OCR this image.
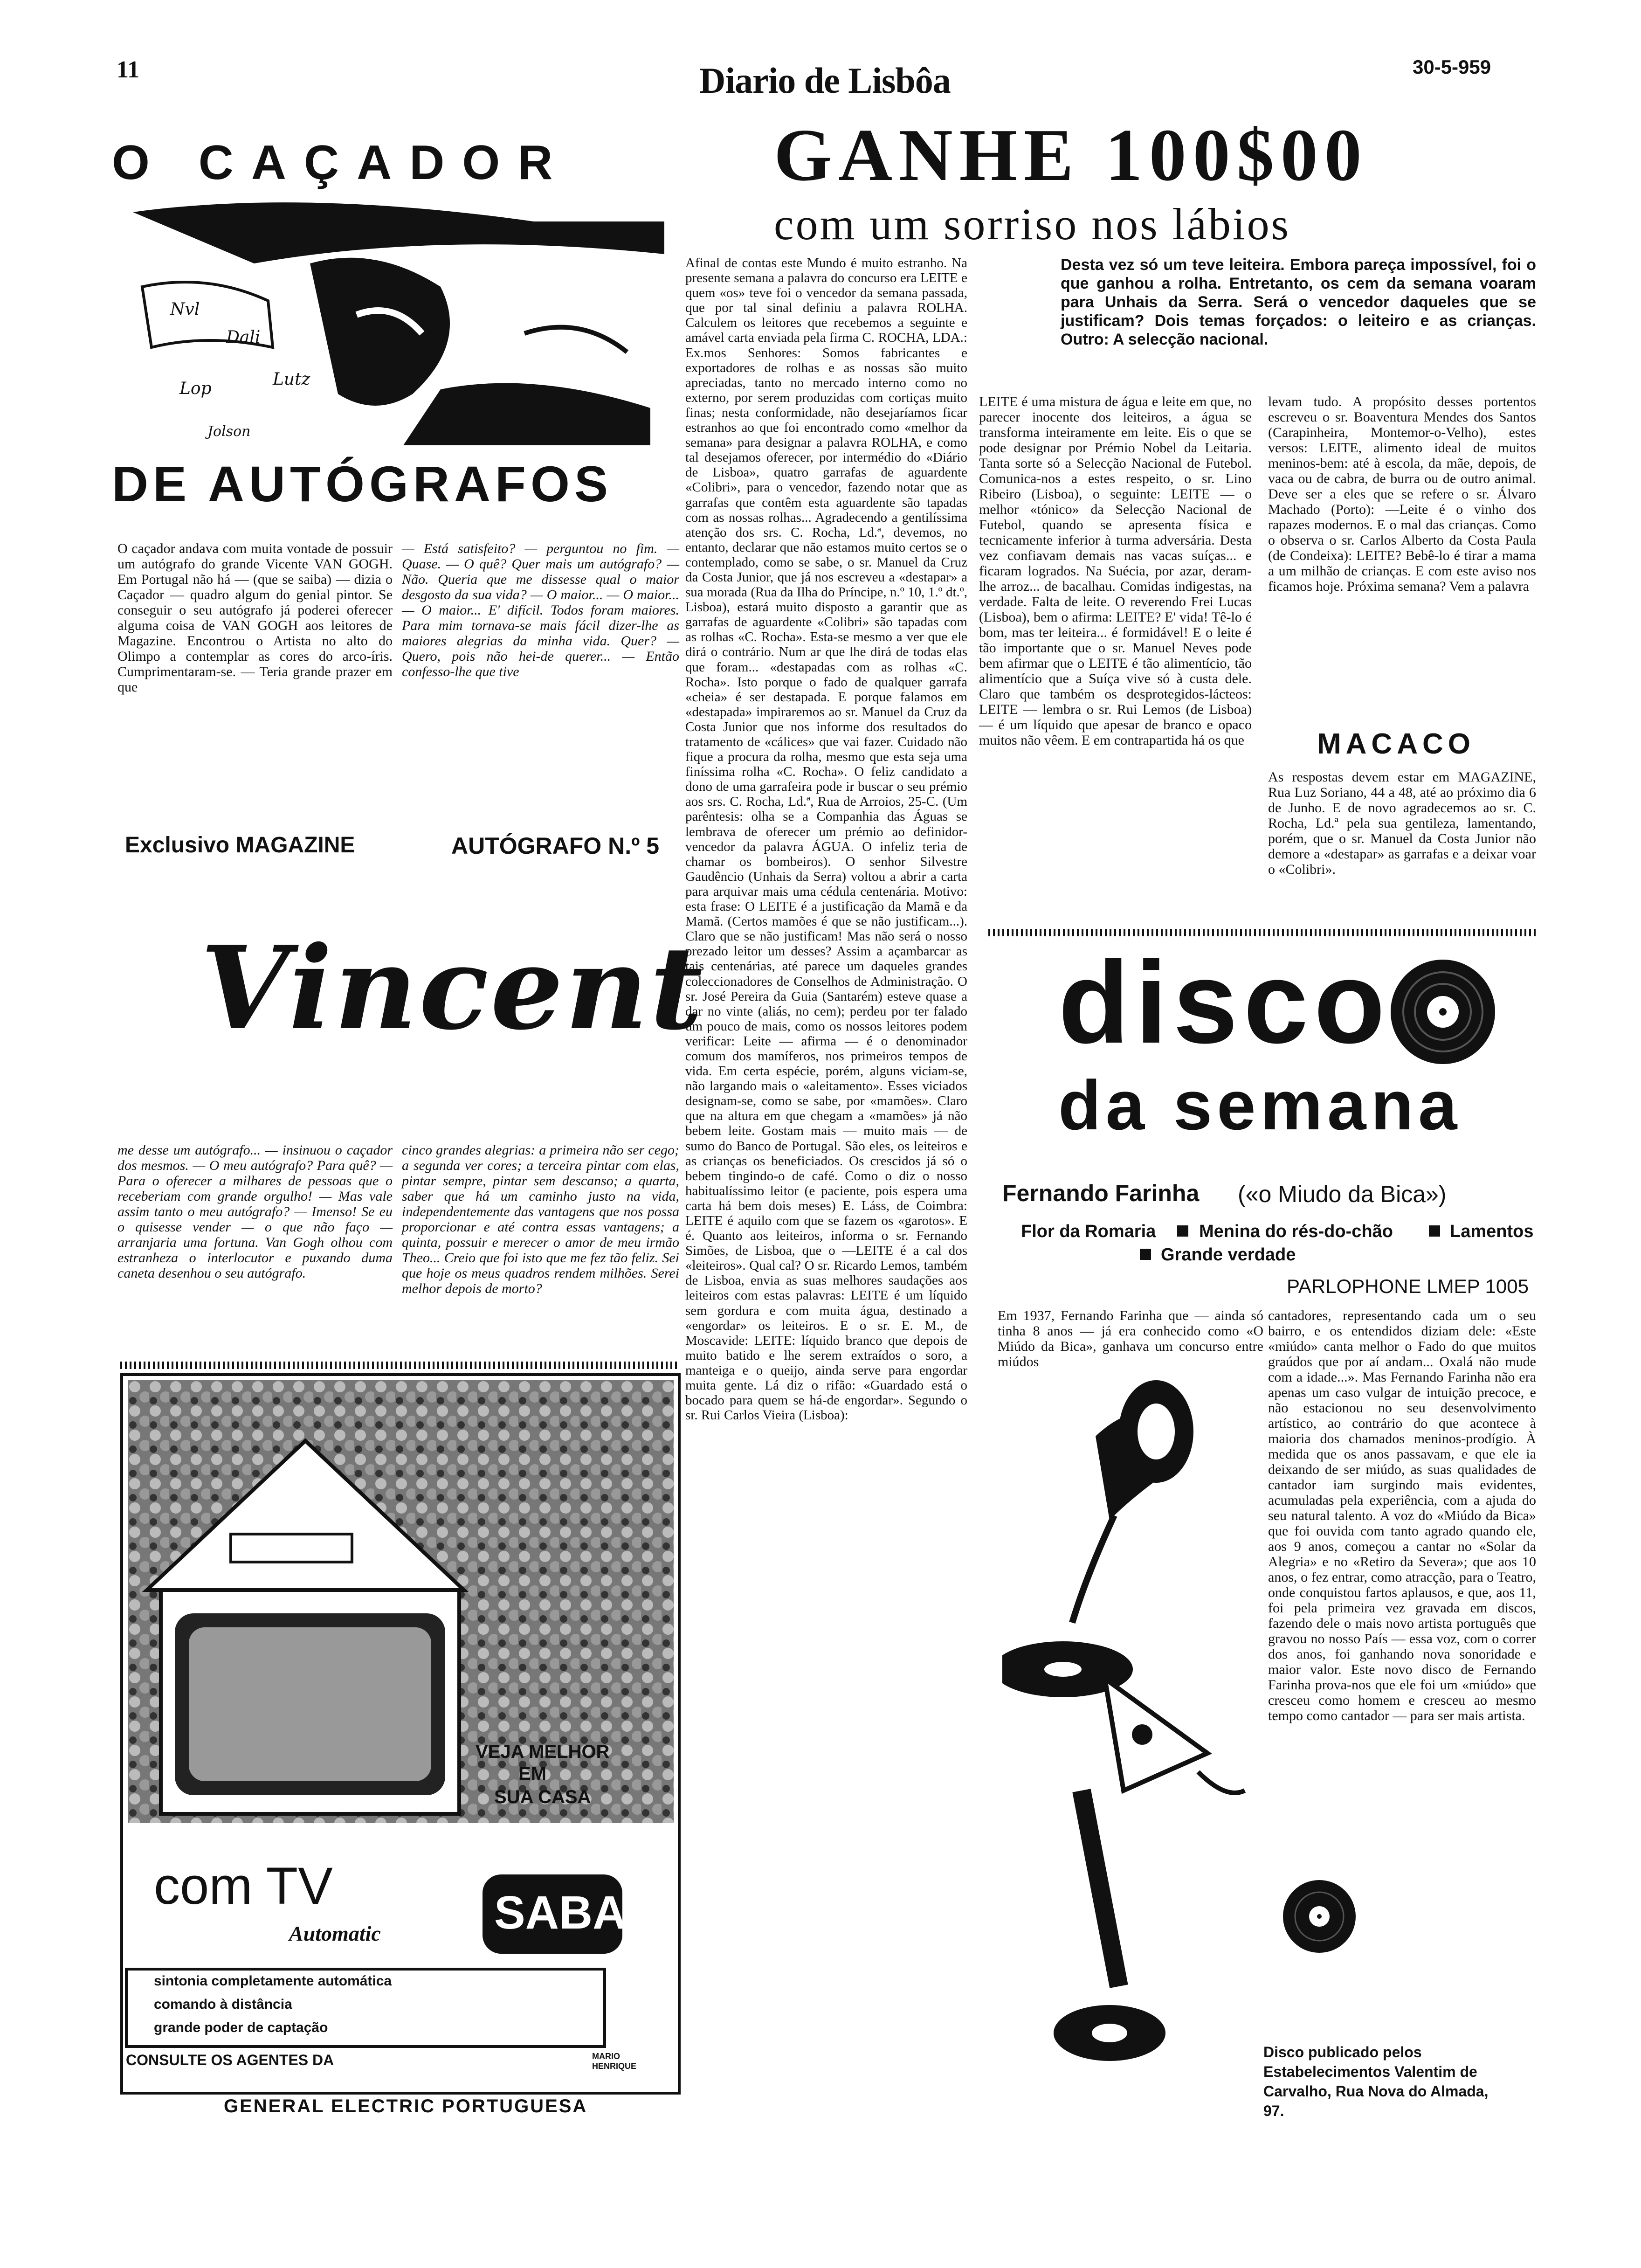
11	Diario de Lisbôa	30-5-959
O CAÇADOR
Nvl
Dali
Lop	Lutz
Jolson
DE AUTÓGRAFOS
O caçador andava com muita vontade de possuir um autógrafo do grande Vicente VAN GOGH. Em Portugal não há — (que se saiba) — dizia o Caçador — quadro algum do genial pintor. Se conseguir o seu autógrafo já poderei oferecer alguma coisa de VAN GOGH aos leitores de Magazine. Encontrou o Artista no alto do Olimpo a contemplar as cores do arco-íris. Cumprimentaram-se. — Teria grande prazer em que
— Está satisfeito? — perguntou no fim. — Quase. — O quê? Quer mais um autógrafo? — Não. Queria que me dissesse qual o maior desgosto da sua vida? — O maior... — O maior... — O maior... E' difícil. Todos foram maiores. Para mim tornava-se mais fácil dizer-lhe as maiores alegrias da minha vida. Quer? — Quero, pois não hei-de querer... — Então confesso-lhe que tive
Exclusivo MAGAZINE	AUTÓGRAFO N.º 5
Vincent
me desse um autógrafo... — insinuou o caçador dos mesmos. — O meu autógrafo? Para quê? — Para o oferecer a milhares de pessoas que o receberiam com grande orgulho! — Mas vale assim tanto o meu autógrafo? — Imenso! Se eu o quisesse vender — o que não faço — arranjaria uma fortuna. Van Gogh olhou com estranheza o interlocutor e puxando duma caneta desenhou o seu autógrafo.
cinco grandes alegrias: a primeira não ser cego; a segunda ver cores; a terceira pintar com elas, pintar sempre, pintar sem descanso; a quarta, saber que há um caminho justo na vida, independentemente das vantagens que nos possa proporcionar e até contra essas vantagens; a quinta, possuir e merecer o amor de meu irmão Theo... Creio que foi isto que me fez tão feliz. Sei que hoje os meus quadros rendem milhões. Serei melhor depois de morto?
VEJA MELHOR
EM
SUA CASA
com TV
Automatic SABA
sintonia completamente automática
comando à distância
grande poder de captação
CONSULTE OS AGENTES DA	MARIO HENRIQUE
GENERAL ELECTRIC PORTUGUESA
GANHE 100$00
com um sorriso nos lábios
Desta vez só um teve leiteira. Embora pareça impossível, foi o que ganhou a rolha. Entretanto, os cem da semana voaram para Unhais da Serra. Será o vencedor daqueles que se justificam? Dois temas forçados: o leiteiro e as crianças. Outro: A selecção nacional.
Afinal de contas este Mundo é muito estranho. Na presente semana a palavra do concurso era LEITE e quem «os» teve foi o vencedor da semana passada, que por tal sinal definiu a palavra ROLHA. Calculem os leitores que recebemos a seguinte e amável carta enviada pela firma C. ROCHA, LDA.: Ex.mos Senhores: Somos fabricantes e exportadores de rolhas e as nossas são muito apreciadas, tanto no mercado interno como no externo, por serem produzidas com cortiças muito finas; nesta conformidade, não desejaríamos ficar estranhos ao que foi encontrado como «melhor da semana» para designar a palavra ROLHA, e como tal desejamos oferecer, por intermédio do «Diário de Lisboa», quatro garrafas de aguardente «Colibri», para o vencedor, fazendo notar que as garrafas que contêm esta aguardente são tapadas com as nossas rolhas... Agradecendo a gentilíssima atenção dos srs. C. Rocha, Ld.ª, devemos, no entanto, declarar que não estamos muito certos se o contemplado, como se sabe, o sr. Manuel da Cruz da Costa Junior, que já nos escreveu a «destapar» a sua morada (Rua da Ilha do Príncipe, n.º 10, 1.º dt.º, Lisboa), estará muito disposto a garantir que as garrafas de aguardente «Colibri» são tapadas com as rolhas «C. Rocha». Esta-se mesmo a ver que ele dirá o contrário. Num ar que lhe dirá de todas elas que foram... «destapadas com as rolhas «C. Rocha». Isto porque o fado de qualquer garrafa «cheia» é ser destapada. E porque falamos em «destapada» impiraremos ao sr. Manuel da Cruz da Costa Junior que nos informe dos resultados do tratamento de «cálices» que vai fazer. Cuidado não fique a procura da rolha, mesmo que esta seja uma finíssima rolha «C. Rocha». O feliz candidato a dono de uma garrafeira pode ir buscar o seu prémio aos srs. C. Rocha, Ld.ª, Rua de Arroios, 25-C. (Um parêntesis: olha se a Companhia das Águas se lembrava de oferecer um prémio ao definidor-vencedor da palavra ÁGUA. O infeliz teria de chamar os bombeiros). O senhor Silvestre Gaudêncio (Unhais da Serra) voltou a abrir a carta para arquivar mais uma cédula centenária. Motivo: esta frase: O LEITE é a justificação da Mamã e da Mamã. (Certos mamões é que se não justificam...). Claro que se não justificam! Mas não será o nosso prezado leitor um desses? Assim a açambarcar as tais centenárias, até parece um daqueles grandes coleccionadores de Conselhos de Administração. O sr. José Pereira da Guia (Santarém) esteve quase a dar no vinte (aliás, no cem); perdeu por ter falado um pouco de mais, como os nossos leitores podem verificar: Leite — afirma — é o denominador comum dos mamíferos, nos primeiros tempos de vida. Em certa espécie, porém, alguns viciam-se, não largando mais o «aleitamento». Esses viciados designam-se, como se sabe, por «mamões». Claro que na altura em que chegam a «mamões» já não bebem leite. Gostam mais — muito mais — de sumo do Banco de Portugal. São eles, os leiteiros e as crianças os beneficiados. Os crescidos já só o bebem tingindo-o de café. Como o diz o nosso habitualíssimo leitor (e paciente, pois espera uma carta há bem dois meses) E. Láss, de Coimbra: LEITE é aquilo com que se fazem os «garotos». E é. Quanto aos leiteiros, informa o sr. Fernando Simões, de Lisboa, que o —LEITE é a cal dos «leiteiros». Qual cal? O sr. Ricardo Lemos, também de Lisboa, envia as suas melhores saudações aos leiteiros com estas palavras: LEITE é um líquido sem gordura e com muita água, destinado a «engordar» os leiteiros. E o sr. E. M., de Moscavide: LEITE: líquido branco que depois de muito batido e lhe serem extraídos o soro, a manteiga e o queijo, ainda serve para engordar muita gente. Lá diz o rifão: «Guardado está o bocado para quem se há-de engordar». Segundo o sr. Rui Carlos Vieira (Lisboa):
LEITE é uma mistura de água e leite em que, no parecer inocente dos leiteiros, a água se transforma inteiramente em leite. Eis o que se pode designar por Prémio Nobel da Leitaria. Tanta sorte só a Selecção Nacional de Futebol. Comunica-nos a estes respeito, o sr. Lino Ribeiro (Lisboa), o seguinte: LEITE — o melhor «tónico» da Selecção Nacional de Futebol, quando se apresenta física e tecnicamente inferior à turma adversária. Desta vez confiavam demais nas vacas suíças... e ficaram logrados. Na Suécia, por azar, deram-lhe arroz... de bacalhau. Comidas indigestas, na verdade. Falta de leite. O reverendo Frei Lucas (Lisboa), bem o afirma: LEITE? E' vida! Tê-lo é bom, mas ter leiteira... é formidável! E o leite é tão importante que o sr. Manuel Neves pode bem afirmar que o LEITE é tão alimentício, tão alimentício que a Suíça vive só à custa dele. Claro que também os desprotegidos-lácteos: LEITE — lembra o sr. Rui Lemos (de Lisboa) — é um líquido que apesar de branco e opaco muitos não vêem. E em contrapartida há os que
levam tudo. A propósito desses portentos escreveu o sr. Boaventura Mendes dos Santos (Carapinheira, Montemor-o-Velho), estes versos: LEITE, alimento ideal de muitos meninos-bem: até à escola, da mãe, depois, de vaca ou de cabra, de burra ou de outro animal. Deve ser a eles que se refere o sr. Álvaro Machado (Porto): —Leite é o vinho dos rapazes modernos. E o mal das crianças. Como o observa o sr. Carlos Alberto da Costa Paula (de Condeixa): LEITE? Bebê-lo é tirar a mama a um milhão de crianças. E com este aviso nos ficamos hoje. Próxima semana? Vem a palavra
MACACO
As respostas devem estar em MAGAZINE, Rua Luz Soriano, 44 a 48, até ao próximo dia 6 de Junho. E de novo agradecemos ao sr. C. Rocha, Ld.ª pela sua gentileza, lamentando, porém, que o sr. Manuel da Costa Junior não demore a «destapar» as garrafas e a deixar voar o «Colibri».
disco
da semana
Fernando Farinha («o Miudo da Bica»)
Flor da Romaria Menina do rés-do-chão	Lamentos
Grande verdade
PARLOPHONE LMEP 1005
Em 1937, Fernando Farinha que — ainda só tinha 8 anos — já era conhecido como «O Miúdo da Bica», ganhava um concurso entre miúdos
cantadores, representando cada um o seu bairro, e os entendidos diziam dele: «Este «miúdo» canta melhor o Fado do que muitos graúdos que por aí andam... Oxalá não mude com a idade...». Mas Fernando Farinha não era apenas um caso vulgar de intuição precoce, e não estacionou no seu desenvolvimento artístico, ao contrário do que acontece à maioria dos chamados meninos-prodígio. À medida que os anos passavam, e que ele ia deixando de ser miúdo, as suas qualidades de cantador iam surgindo mais evidentes, acumuladas pela experiência, com a ajuda do seu natural talento. A voz do «Miúdo da Bica» que foi ouvida com tanto agrado quando ele, aos 9 anos, começou a cantar no «Solar da Alegria» e no «Retiro da Severa»; que aos 10 anos, o fez entrar, como atracção, para o Teatro, onde conquistou fartos aplausos, e que, aos 11, foi pela primeira vez gravada em discos, fazendo dele o mais novo artista português que gravou no nosso País — essa voz, com o correr dos anos, foi ganhando nova sonoridade e maior valor. Este novo disco de Fernando Farinha prova-nos que ele foi um «miúdo» que cresceu como homem e cresceu ao mesmo tempo como cantador — para ser mais artista.
Disco publicado pelos Estabelecimentos Valentim de Carvalho, Rua Nova do Almada, 97.
